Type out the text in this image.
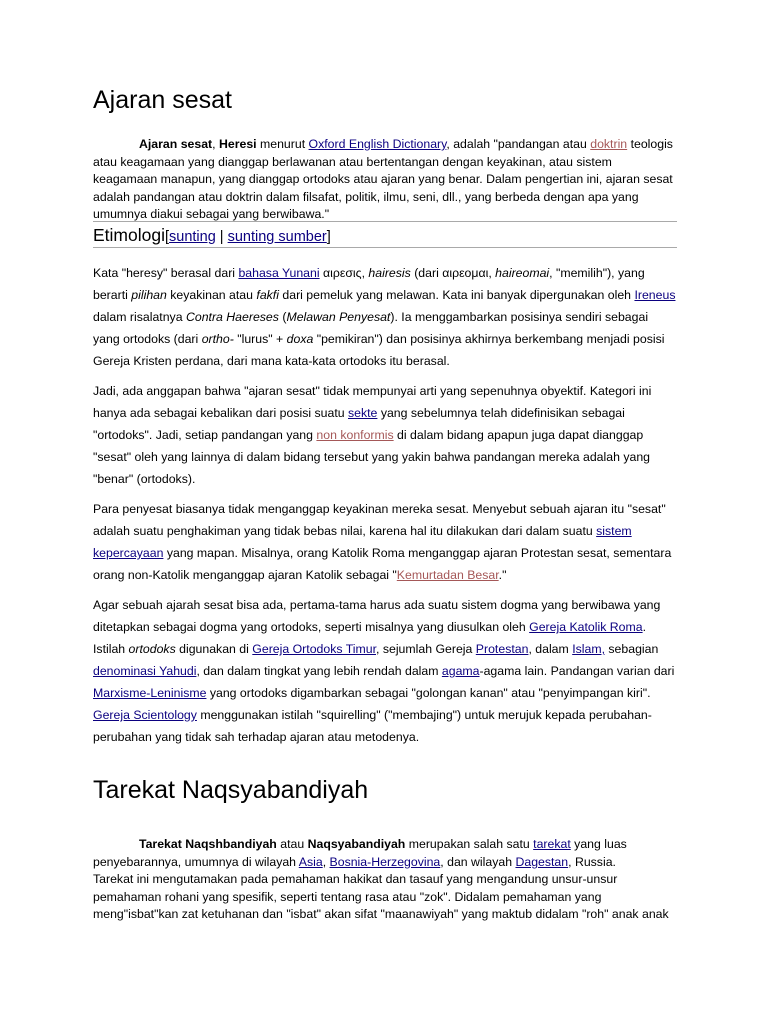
Ajaran sesat

Ajaran sesat, Heresi menurut Oxford English Dictionary, adalah "pandangan atau doktrin teologis atau keagamaan yang dianggap berlawanan atau bertentangan dengan keyakinan, atau sistem keagamaan manapun, yang dianggap ortodoks atau ajaran yang benar. Dalam pengertian ini, ajaran sesat adalah pandangan atau doktrin dalam filsafat, politik, ilmu, seni, dll., yang berbeda dengan apa yang umumnya diakui sebagai yang berwibawa."

Etimologi[sunting | sunting sumber]

Kata "heresy" berasal dari bahasa Yunani αιρεσις, hairesis (dari αιρεομαι, haireomai, "memilih"), yang berarti pilihan keyakinan atau fakfi dari pemeluk yang melawan. Kata ini banyak dipergunakan oleh Ireneus dalam risalatnya Contra Haereses (Melawan Penyesat). Ia menggambarkan posisinya sendiri sebagai yang ortodoks (dari ortho- "lurus" + doxa "pemikiran") dan posisinya akhirnya berkembang menjadi posisi Gereja Kristen perdana, dari mana kata-kata ortodoks itu berasal.

Jadi, ada anggapan bahwa "ajaran sesat" tidak mempunyai arti yang sepenuhnya obyektif. Kategori ini hanya ada sebagai kebalikan dari posisi suatu sekte yang sebelumnya telah didefinisikan sebagai "ortodoks". Jadi, setiap pandangan yang non konformis di dalam bidang apapun juga dapat dianggap "sesat" oleh yang lainnya di dalam bidang tersebut yang yakin bahwa pandangan mereka adalah yang "benar" (ortodoks).

Para penyesat biasanya tidak menganggap keyakinan mereka sesat. Menyebut sebuah ajaran itu "sesat" adalah suatu penghakiman yang tidak bebas nilai, karena hal itu dilakukan dari dalam suatu sistem kepercayaan yang mapan. Misalnya, orang Katolik Roma menganggap ajaran Protestan sesat, sementara orang non-Katolik menganggap ajaran Katolik sebagai "Kemurtadan Besar."

Agar sebuah ajarah sesat bisa ada, pertama-tama harus ada suatu sistem dogma yang berwibawa yang ditetapkan sebagai dogma yang ortodoks, seperti misalnya yang diusulkan oleh Gereja Katolik Roma. Istilah ortodoks digunakan di Gereja Ortodoks Timur, sejumlah Gereja Protestan, dalam Islam, sebagian denominasi Yahudi, dan dalam tingkat yang lebih rendah dalam agama-agama lain. Pandangan varian dari Marxisme-Leninisme yang ortodoks digambarkan sebagai "golongan kanan" atau "penyimpangan kiri". Gereja Scientology menggunakan istilah "squirelling" ("membajing") untuk merujuk kepada perubahan-perubahan yang tidak sah terhadap ajaran atau metodenya.

Tarekat Naqsyabandiyah

Tarekat Naqshbandiyah atau Naqsyabandiyah merupakan salah satu tarekat yang luas penyebarannya, umumnya di wilayah Asia, Bosnia-Herzegovina, dan wilayah Dagestan, Russia.
Tarekat ini mengutamakan pada pemahaman hakikat dan tasauf yang mengandung unsur-unsur pemahaman rohani yang spesifik, seperti tentang rasa atau "zok". Didalam pemahaman yang meng"isbat"kan zat ketuhanan dan "isbat" akan sifat "maanawiyah" yang maktub didalam "roh" anak anak
